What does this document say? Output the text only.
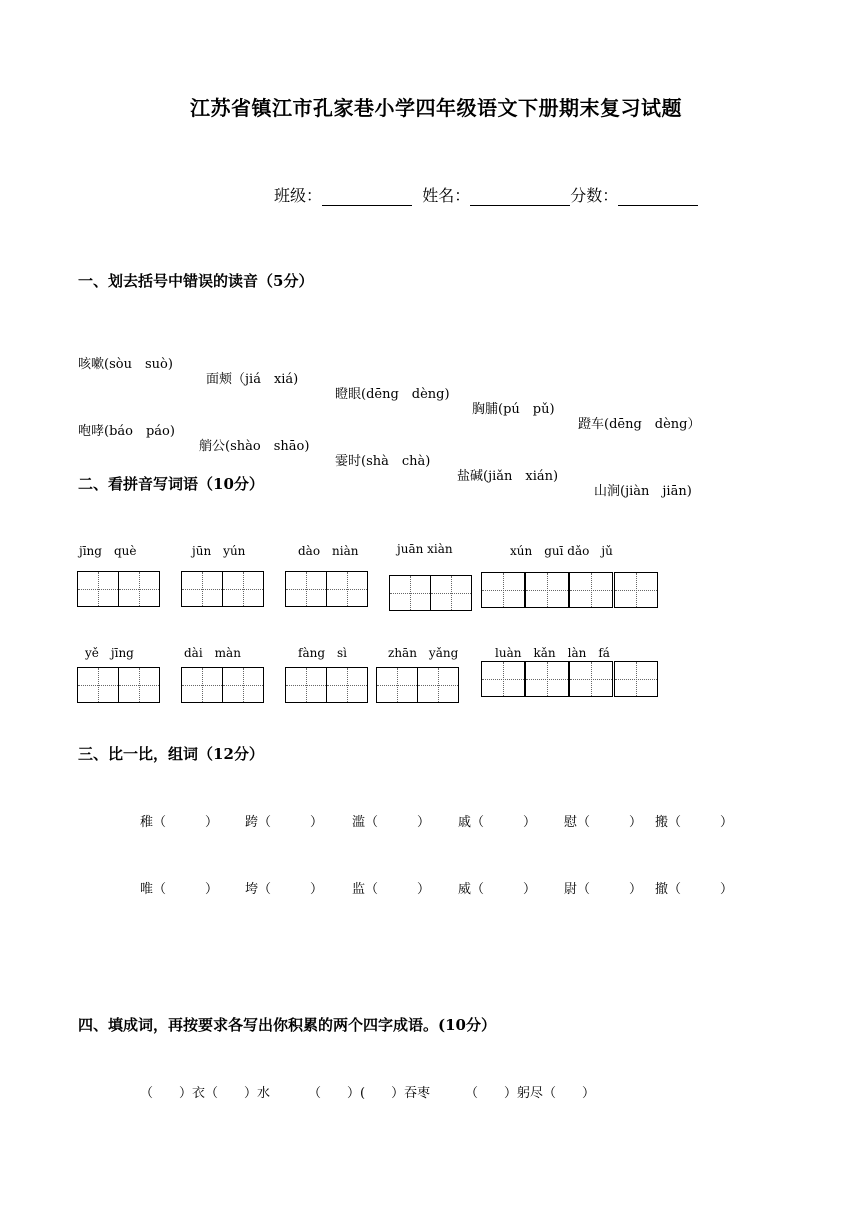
江苏省镇江市孔家巷小学四年级语文下册期末复习试题
班级：	姓名：	分数：
一、划去括号中错误的读音（5分）

咳嗽(sòu　suò)

面颊（jiá　xiá)

瞪眼(dēng　dèng)

胸脯(pú　pǔ)

蹬车(dēng　dèng）

咆哮(báo　páo)

艄公(shào　shāo)

霎时(shà　chà)

盐碱(jiǎn　xián)

山涧(jiàn　jiān)

二、看拼音写词语（10分）
jīng　què	jūn　yún	dào　niàn	juān xiàn	xún　guī dǎo　jǔ
yě　jīng	dài　màn	fàng　sì	zhān　yǎng	luàn　kǎn　làn　fá
三、比一比，组词（12分）
稚（　　　） 跨（　　　） 滥（　　　） 戚（　　　） 慰（　　　） 搬（　　　）
唯（　　　） 垮（　　　） 监（　　　） 威（　　　） 尉（　　　） 撤（　　　）
四、填成词，再按要求各写出你积累的两个四字成语。(10分）
（　　）衣（　　）水	（　　）(　　）吞枣	（　　）躬尽（　　）
